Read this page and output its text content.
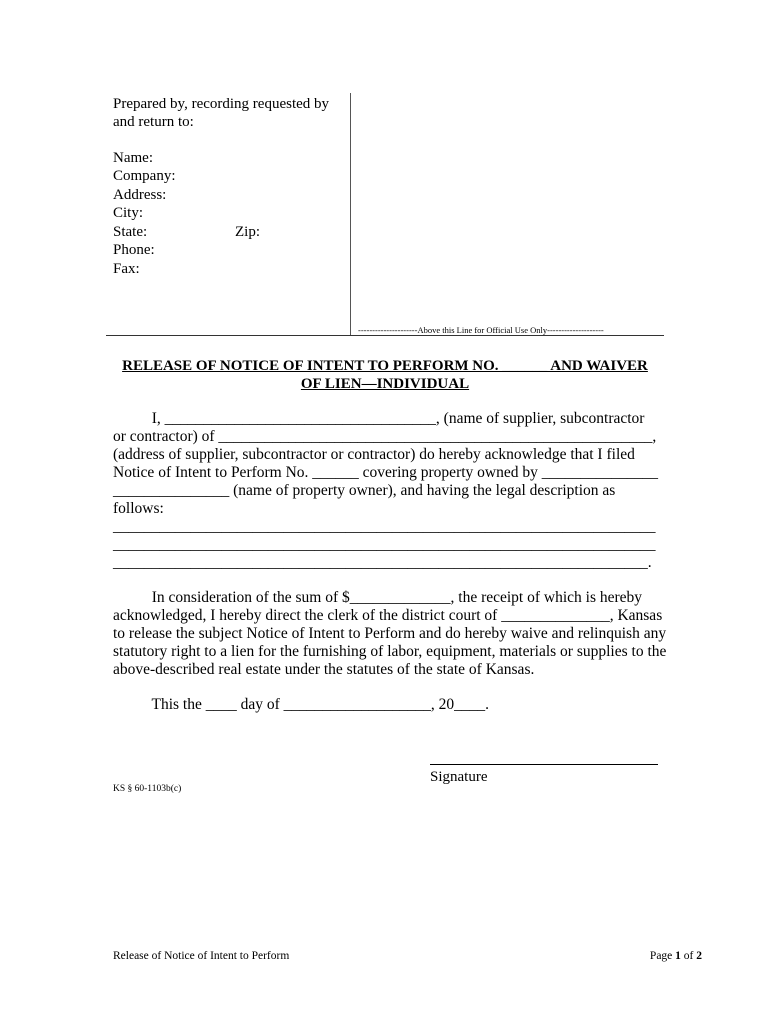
Prepared by, recording requested by and return to:
Name:
Company:
Address:
City:
State:	Zip:
Phone:
Fax:
---------------------Above this Line for Official Use Only--------------------
RELEASE OF NOTICE OF INTENT TO PERFORM NO. ______ AND WAIVER OF LIEN—INDIVIDUAL
I, ___________________________________, (name of supplier, subcontractor
or contractor) of ________________________________________________________,
(address of supplier, subcontractor or contractor) do hereby acknowledge that I filed
Notice of Intent to Perform No. ______ covering property owned by _______________
_______________ (name of property owner), and having the legal description as
follows:
______________________________________________________________________
______________________________________________________________________
_____________________________________________________________________.
In consideration of the sum of $_____________, the receipt of which is hereby
acknowledged, I hereby direct the clerk of the district court of ______________, Kansas
to release the subject Notice of Intent to Perform and do hereby waive and relinquish any
statutory right to a lien for the furnishing of labor, equipment, materials or supplies to the
above-described real estate under the statutes of the state of Kansas.
This the ____ day of ___________________, 20____.
Signature
KS § 60-1103b(c)
Release of Notice of Intent to Perform	Page 1 of 2
